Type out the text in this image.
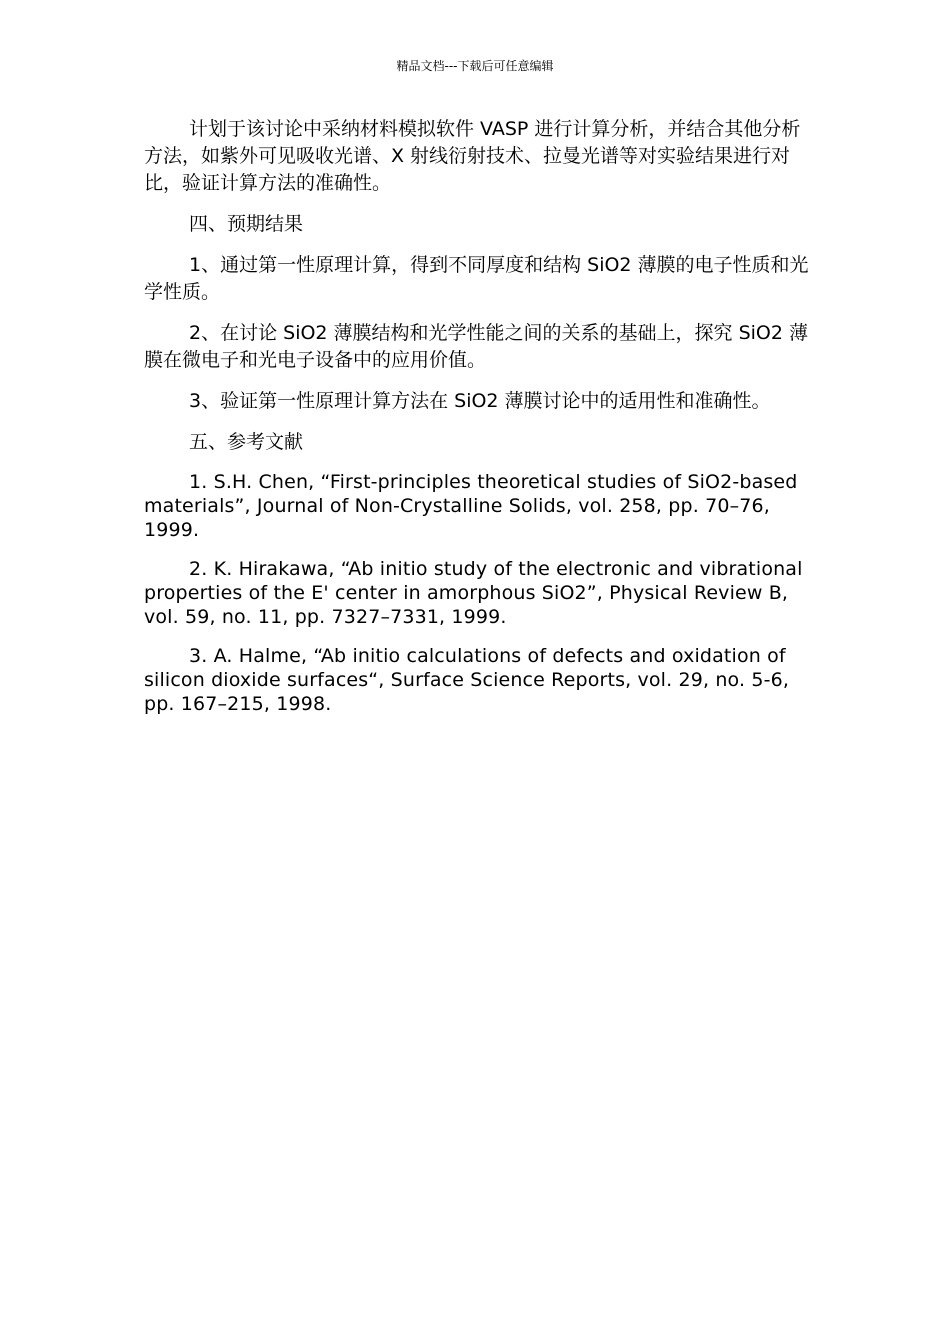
精品文档---下载后可任意编辑

计划于该讨论中采纳材料模拟软件 VASP 进行计算分析，并结合其他分析方法，如紫外可见吸收光谱、X 射线衍射技术、拉曼光谱等对实验结果进行对比，验证计算方法的准确性。

四、预期结果

1、通过第一性原理计算，得到不同厚度和结构 SiO2 薄膜的电子性质和光学性质。

2、在讨论 SiO2 薄膜结构和光学性能之间的关系的基础上，探究 SiO2 薄膜在微电子和光电子设备中的应用价值。

3、验证第一性原理计算方法在 SiO2 薄膜讨论中的适用性和准确性。

五、参考文献

1. S.H. Chen, “First-principles theoretical studies of SiO2-based materials”, Journal of Non-Crystalline Solids, vol. 258, pp. 70–76, 1999.

2. K. Hirakawa, “Ab initio study of the electronic and vibrational properties of the E' center in amorphous SiO2”, Physical Review B, vol. 59, no. 11, pp. 7327–7331, 1999.

3. A. Halme, “Ab initio calculations of defects and oxidation of silicon dioxide surfaces“, Surface Science Reports, vol. 29, no. 5-6, pp. 167–215, 1998.
